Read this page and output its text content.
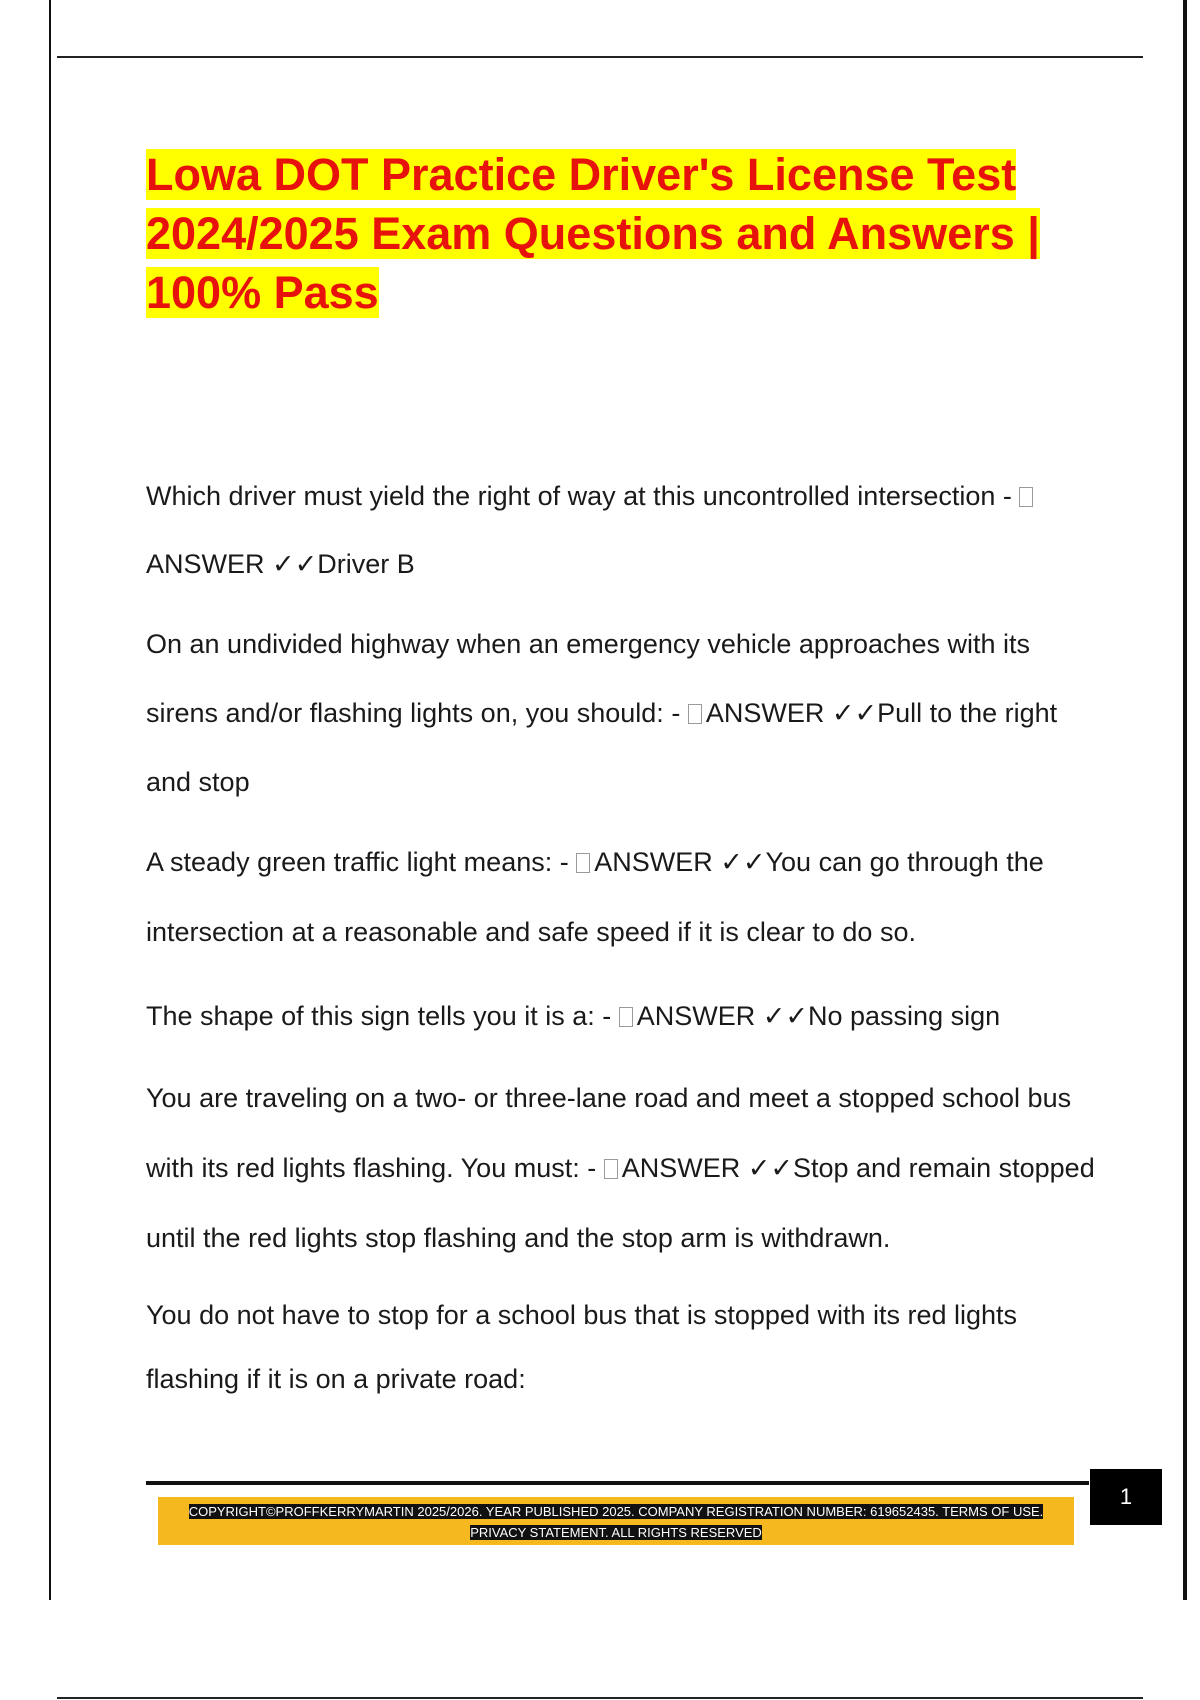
Lowa DOT Practice Driver's License Test 2024/2025 Exam Questions and Answers | 100% Pass

Which driver must yield the right of way at this uncontrolled intersection - ANSWER ✓✓Driver B

On an undivided highway when an emergency vehicle approaches with its sirens and/or flashing lights on, you should: - ANSWER ✓✓Pull to the right and stop

A steady green traffic light means: - ANSWER ✓✓You can go through the intersection at a reasonable and safe speed if it is clear to do so.

The shape of this sign tells you it is a: - ANSWER ✓✓No passing sign

You are traveling on a two- or three-lane road and meet a stopped school bus with its red lights flashing. You must: - ANSWER ✓✓Stop and remain stopped until the red lights stop flashing and the stop arm is withdrawn.

You do not have to stop for a school bus that is stopped with its red lights flashing if it is on a private road:

1

COPYRIGHT©PROFFKERRYMARTIN 2025/2026. YEAR PUBLISHED 2025. COMPANY REGISTRATION NUMBER: 619652435. TERMS OF USE. PRIVACY STATEMENT. ALL RIGHTS RESERVED
